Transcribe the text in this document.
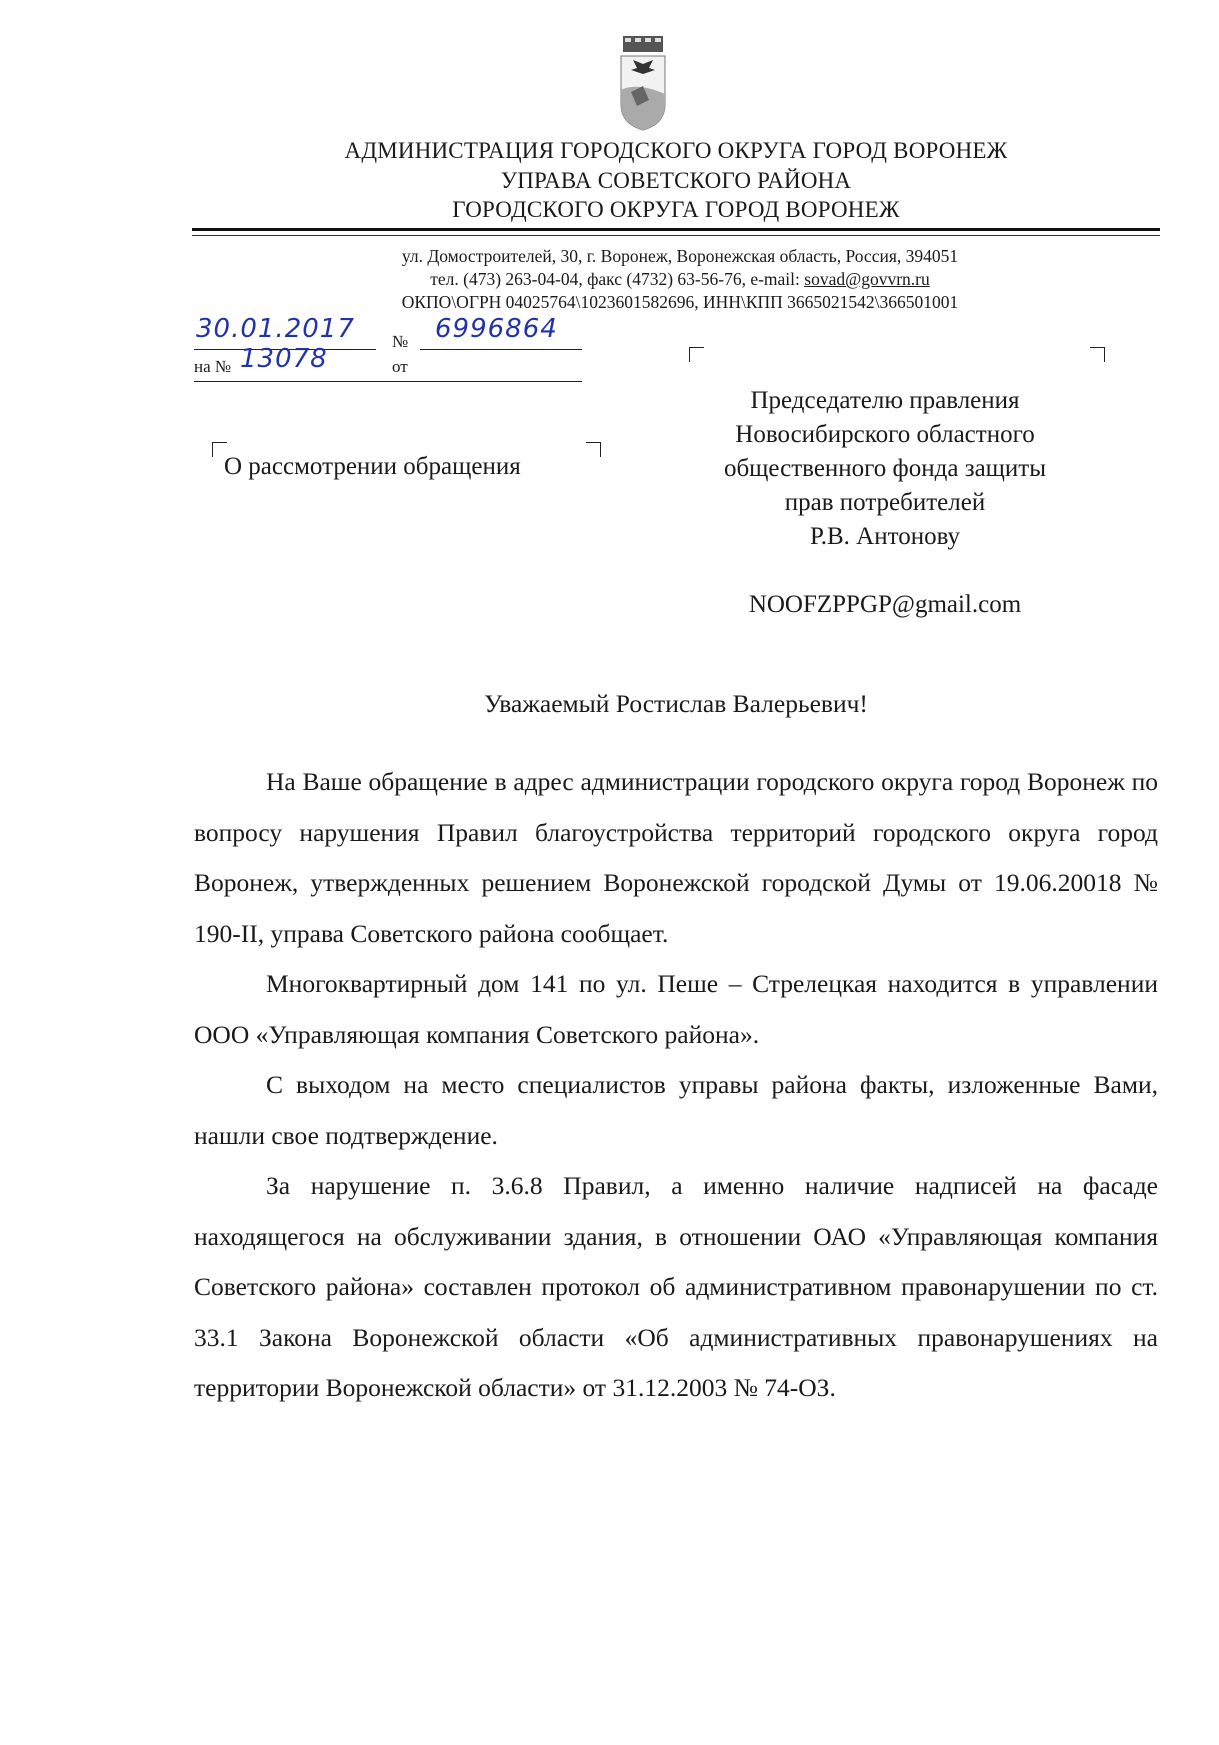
АДМИНИСТРАЦИЯ ГОРОДСКОГО ОКРУГА ГОРОД ВОРОНЕЖ
УПРАВА СОВЕТСКОГО РАЙОНА
ГОРОДСКОГО ОКРУГА ГОРОД ВОРОНЕЖ
ул. Домостроителей, 30, г. Воронеж, Воронежская область, Россия, 394051
тел. (473) 263-04-04, факс (4732) 63-56-76, e-mail: sovad@govvrn.ru
ОКПО\ОГРН 04025764\1023601582696, ИНН\КПП 3665021542\366501001
30.01.2017 № 6996864
на № 13078	от
Председателю правления
Новосибирского областного
общественного фонда защиты
прав потребителей
Р.В. Антонову
NOOFZPPGP@gmail.com
О рассмотрении обращения
Уважаемый Ростислав Валерьевич!

На Ваше обращение в адрес администрации городского округа город Воронеж по вопросу нарушения Правил благоустройства территорий городского округа город Воронеж, утвержденных решением Воронежской городской Думы от 19.06.20018 № 190-II, управа Советского района сообщает.

Многоквартирный дом 141 по ул. Пеше – Стрелецкая находится в управлении ООО «Управляющая компания Советского района».

С выходом на место специалистов управы района факты, изложенные Вами, нашли свое подтверждение.

За нарушение п. 3.6.8 Правил, а именно наличие надписей на фасаде находящегося на обслуживании здания, в отношении ОАО «Управляющая компания Советского района» составлен протокол об административном правонарушении по ст. 33.1 Закона Воронежской области «Об административных правонарушениях на территории Воронежской области» от 31.12.2003 № 74-ОЗ.
